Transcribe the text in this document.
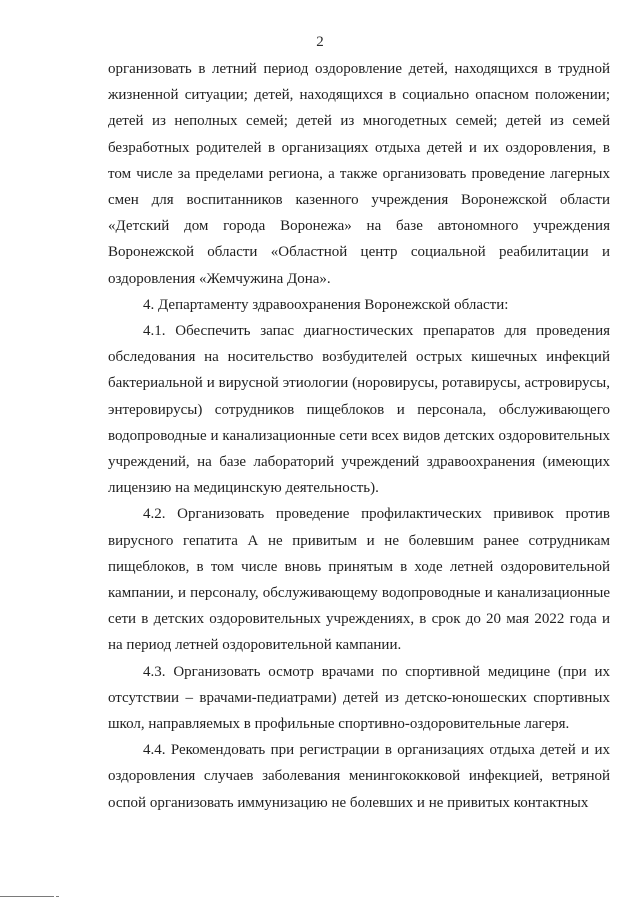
2

организовать в летний период оздоровление детей, находящихся в трудной жизненной ситуации; детей, находящихся в социально опасном положении; детей из неполных семей; детей из многодетных семей; детей из семей безработных родителей в организациях отдыха детей и их оздоровления, в том числе за пределами региона, а также организовать проведение лагерных смен для воспитанников казенного учреждения Воронежской области «Детский дом города Воронежа» на базе автономного учреждения Воронежской области «Областной центр социальной реабилитации и оздоровления «Жемчужина Дона».

4. Департаменту здравоохранения Воронежской области:

4.1. Обеспечить запас диагностических препаратов для проведения обследования на носительство возбудителей острых кишечных инфекций бактериальной и вирусной этиологии (норовирусы, ротавирусы, астровирусы, энтеровирусы) сотрудников пищеблоков и персонала, обслуживающего водопроводные и канализационные сети всех видов детских оздоровительных учреждений, на базе лабораторий учреждений здравоохранения (имеющих лицензию на медицинскую деятельность).

4.2. Организовать проведение профилактических прививок против вирусного гепатита А не привитым и не болевшим ранее сотрудникам пищеблоков, в том числе вновь принятым в ходе летней оздоровительной кампании, и персоналу, обслуживающему водопроводные и канализационные сети в детских оздоровительных учреждениях, в срок до 20 мая 2022 года и на период летней оздоровительной кампании.

4.3. Организовать осмотр врачами по спортивной медицине (при их отсутствии – врачами-педиатрами) детей из детско-юношеских спортивных школ, направляемых в профильные спортивно-оздоровительные лагеря.

4.4. Рекомендовать при регистрации в организациях отдыха детей и их оздоровления случаев заболевания менингококковой инфекцией, ветряной оспой организовать иммунизацию не болевших и не привитых контактных
